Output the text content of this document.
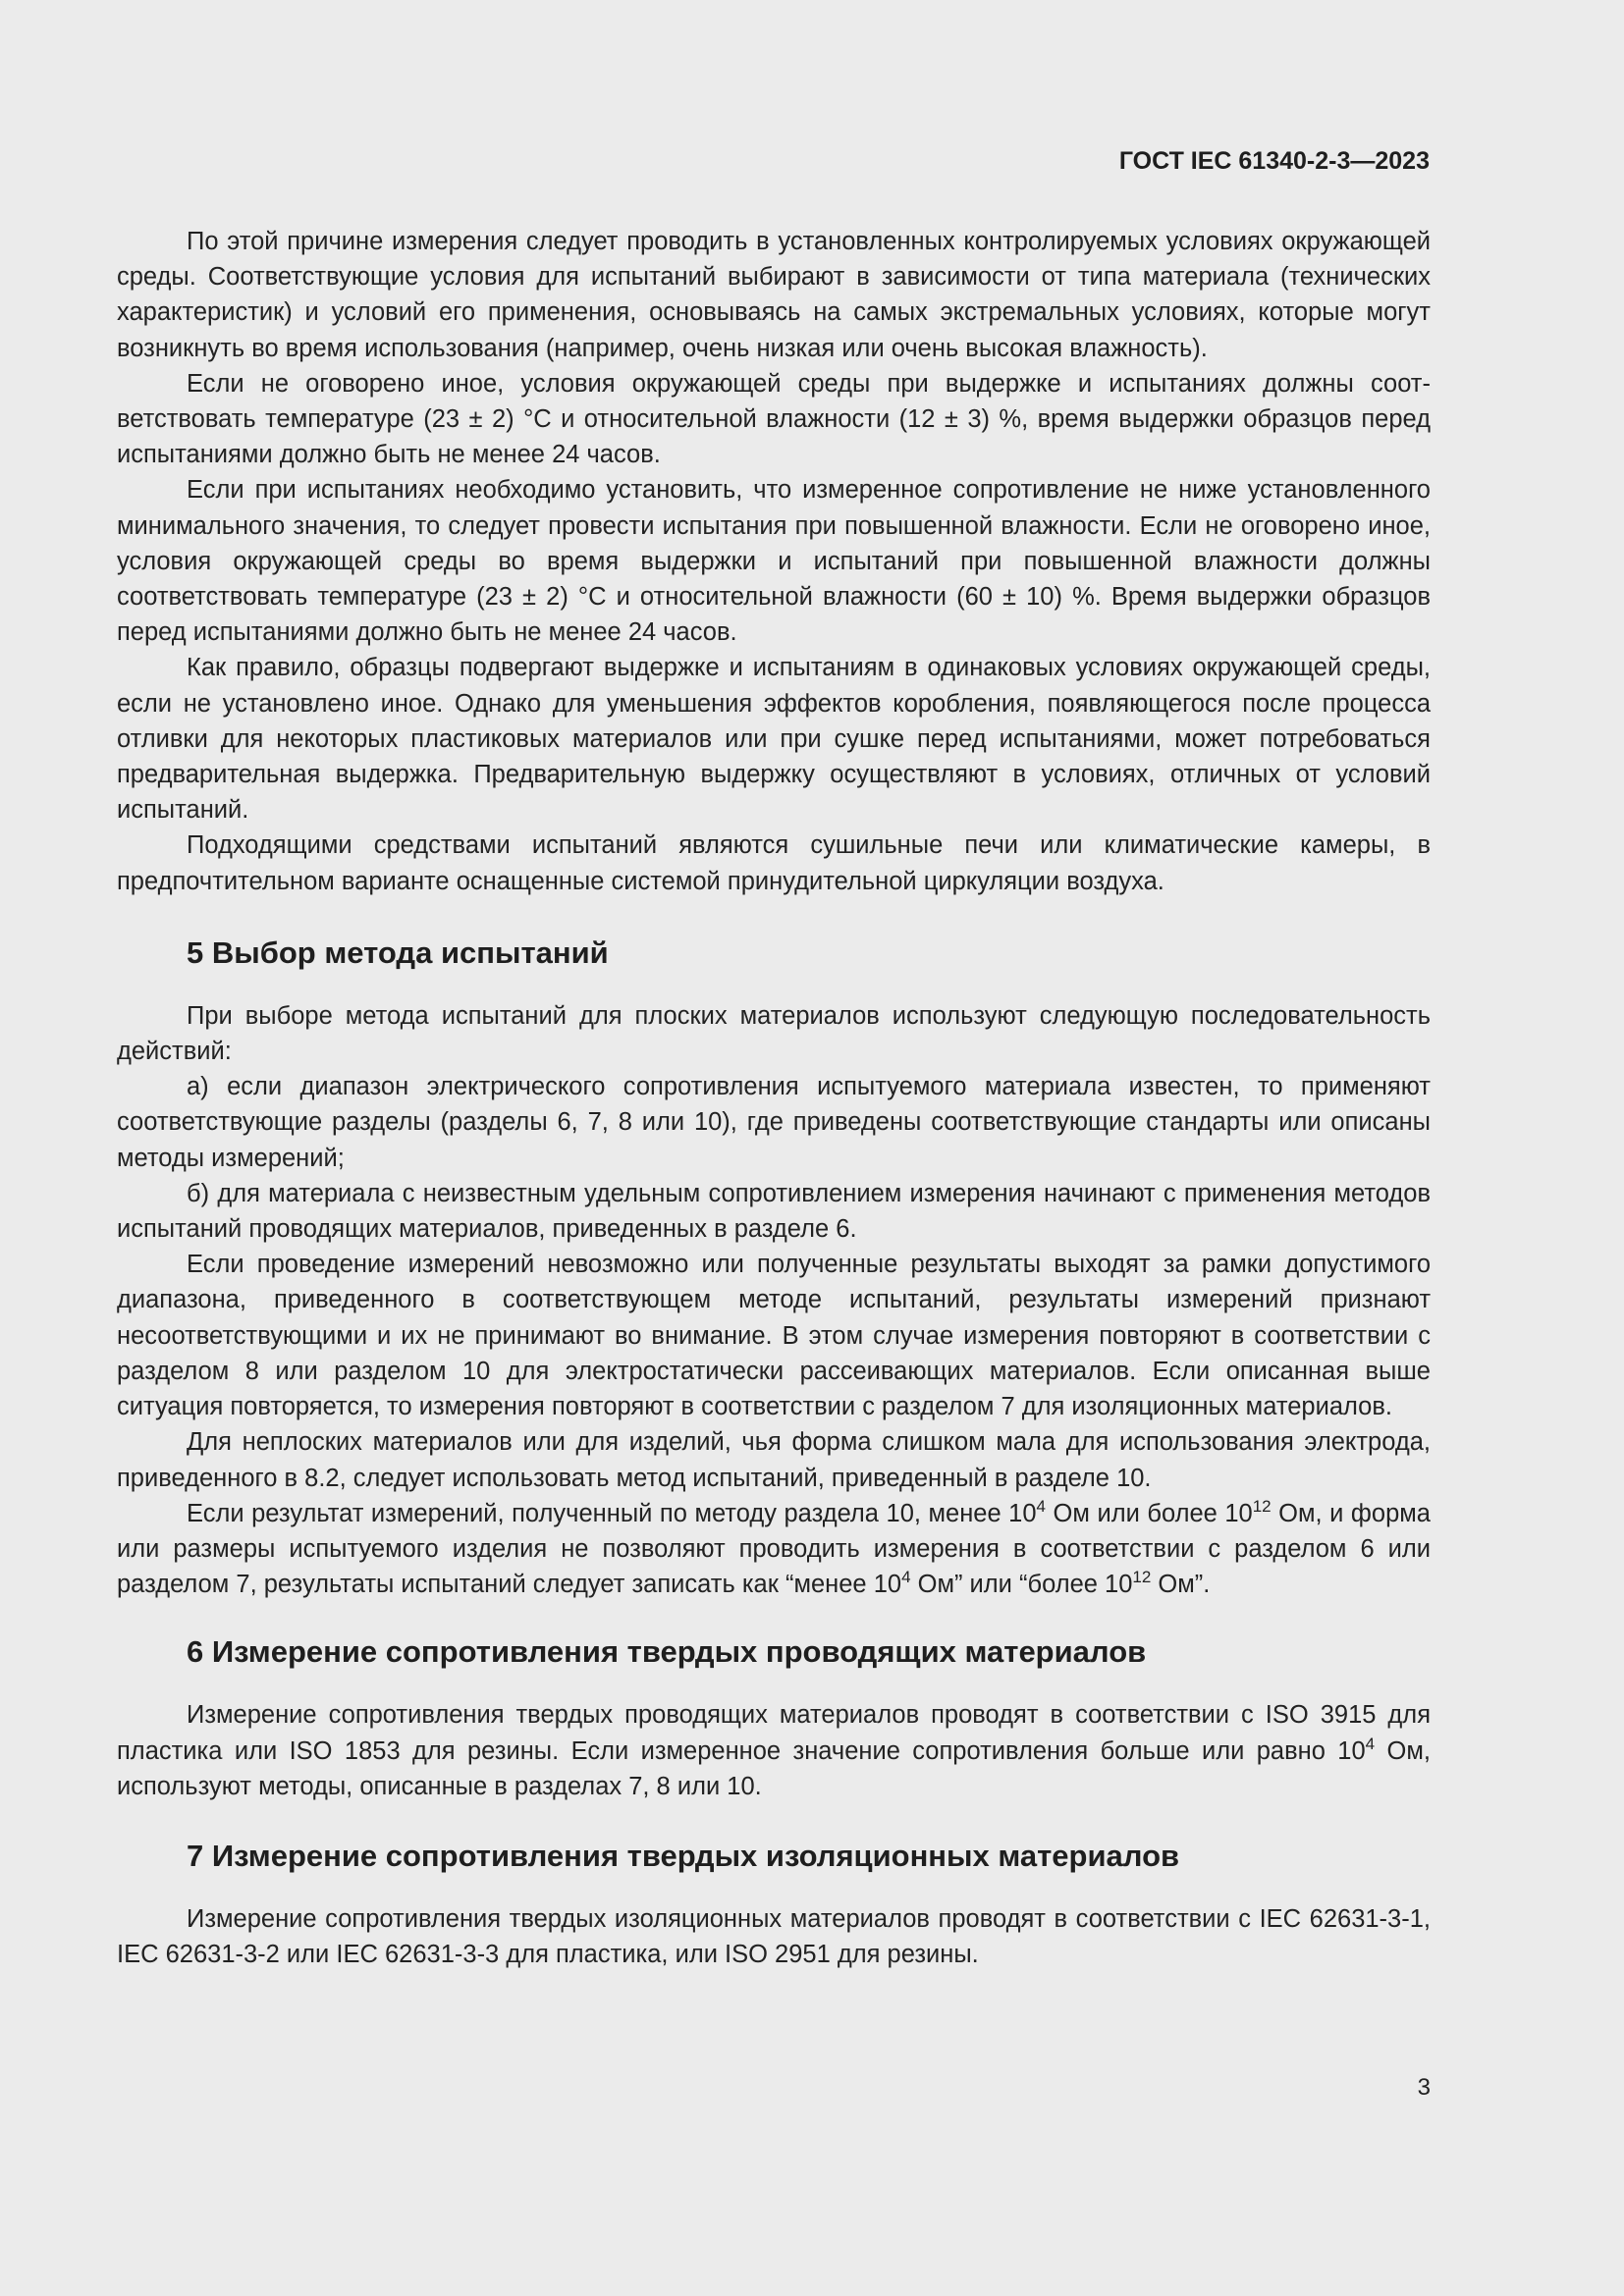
ГОСТ IEC 61340-2-3—2023

По этой причине измерения следует проводить в установленных контролируемых условиях окружающей среды. Соответствующие условия для испытаний выбирают в зависимости от типа материала (технических характеристик) и условий его применения, основываясь на самых экстремальных условиях, которые могут возникнуть во время использования (например, очень низкая или очень высокая влажность).

Если не оговорено иное, условия окружающей среды при выдержке и испытаниях должны соответствовать температуре (23 ± 2) °С и относительной влажности (12 ± 3) %, время выдержки образцов перед испытаниями должно быть не менее 24 часов.

Если при испытаниях необходимо установить, что измеренное сопротивление не ниже установленного минимального значения, то следует провести испытания при повышенной влажности. Если не оговорено иное, условия окружающей среды во время выдержки и испытаний при повышенной влажности должны соответствовать температуре (23 ± 2) °С и относительной влажности (60 ± 10) %. Время выдержки образцов перед испытаниями должно быть не менее 24 часов.

Как правило, образцы подвергают выдержке и испытаниям в одинаковых условиях окружающей среды, если не установлено иное. Однако для уменьшения эффектов коробления, появляющегося после процесса отливки для некоторых пластиковых материалов или при сушке перед испытаниями, может потребоваться предварительная выдержка. Предварительную выдержку осуществляют в условиях, отличных от условий испытаний.

Подходящими средствами испытаний являются сушильные печи или климатические камеры, в предпочтительном варианте оснащенные системой принудительной циркуляции воздуха.

5 Выбор метода испытаний

При выборе метода испытаний для плоских материалов используют следующую последовательность действий:

а) если диапазон электрического сопротивления испытуемого материала известен, то применяют соответствующие разделы (разделы 6, 7, 8 или 10), где приведены соответствующие стандарты или описаны методы измерений;

б) для материала с неизвестным удельным сопротивлением измерения начинают с применения методов испытаний проводящих материалов, приведенных в разделе 6.

Если проведение измерений невозможно или полученные результаты выходят за рамки допустимого диапазона, приведенного в соответствующем методе испытаний, результаты измерений признают несоответствующими и их не принимают во внимание. В этом случае измерения повторяют в соответствии с разделом 8 или разделом 10 для электростатически рассеивающих материалов. Если описанная выше ситуация повторяется, то измерения повторяют в соответствии с разделом 7 для изоляционных материалов.

Для неплоских материалов или для изделий, чья форма слишком мала для использования электрода, приведенного в 8.2, следует использовать метод испытаний, приведенный в разделе 10.

Если результат измерений, полученный по методу раздела 10, менее $10^4$ Ом или более $10^{12}$ Ом, и форма или размеры испытуемого изделия не позволяют проводить измерения в соответствии с разделом 6 или разделом 7, результаты испытаний следует записать как “менее $10^4$ Ом” или “более $10^{12}$ Ом”.

6 Измерение сопротивления твердых проводящих материалов

Измерение сопротивления твердых проводящих материалов проводят в соответствии с ISO 3915 для пластика или ISO 1853 для резины. Если измеренное значение сопротивления больше или равно $10^4$ Ом, используют методы, описанные в разделах 7, 8 или 10.

7 Измерение сопротивления твердых изоляционных материалов

Измерение сопротивления твердых изоляционных материалов проводят в соответствии с IEC 62631-3-1, IEC 62631-3-2 или IEC 62631-3-3 для пластика, или ISO 2951 для резины.

3
